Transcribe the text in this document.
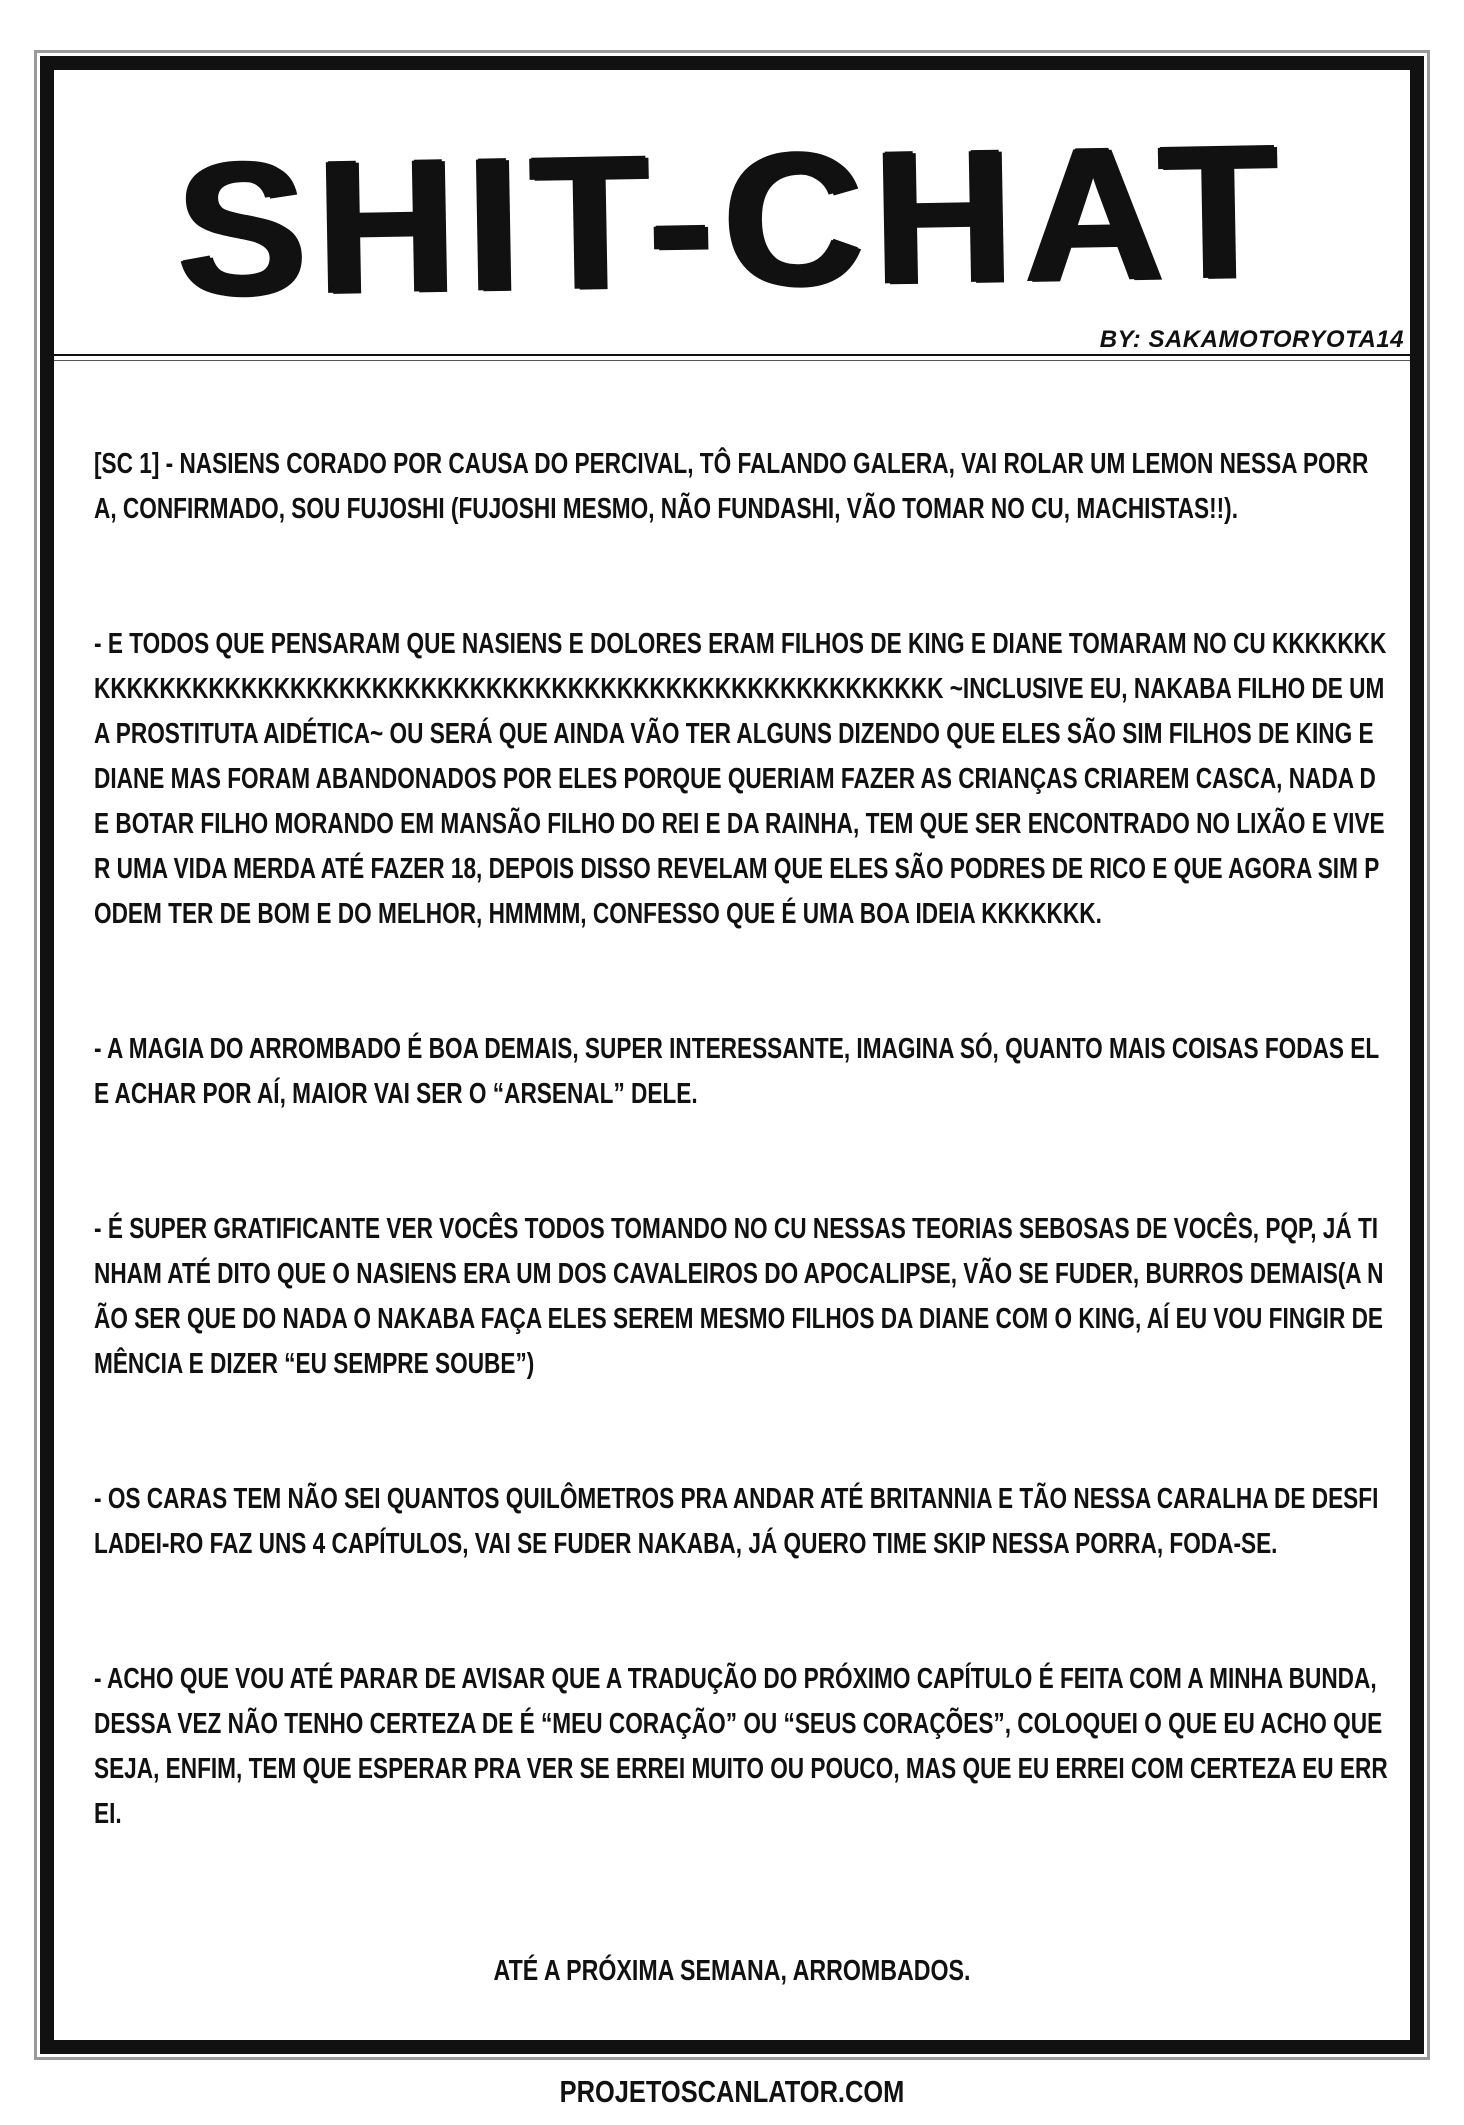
SHIT-CHAT
BY: SAKAMOTORYOTA14

[SC 1] - NASIENS CORADO POR CAUSA DO PERCIVAL, TÔ FALANDO GALERA, VAI ROLAR UM LEMON NESSA PORRA, CONFIRMADO, SOU FUJOSHI (FUJOSHI MESMO, NÃO FUNDASHI, VÃO TOMAR NO CU, MACHISTAS!!).

- E TODOS QUE PENSARAM QUE NASIENS E DOLORES ERAM FILHOS DE KING E DIANE TOMARAM NO CU KKKKKKKKKKKKKKKKKKKKKKKKKKKKKKKKKKKKKKKKKKKKKKKKKKKKKKKKKKK ~INCLUSIVE EU, NAKABA FILHO DE UMA PROSTITUTA AIDÉTICA~ OU SERÁ QUE AINDA VÃO TER ALGUNS DIZENDO QUE ELES SÃO SIM FILHOS DE KING E DIANE MAS FORAM ABANDONADOS POR ELES PORQUE QUERIAM FAZER AS CRIANÇAS CRIAREM CASCA, NADA DE BOTAR FILHO MORANDO EM MANSÃO FILHO DO REI E DA RAINHA, TEM QUE SER ENCONTRADO NO LIXÃO E VIVER UMA VIDA MERDA ATÉ FAZER 18, DEPOIS DISSO REVELAM QUE ELES SÃO PODRES DE RICO E QUE AGORA SIM PODEM TER DE BOM E DO MELHOR, HMMMM, CONFESSO QUE É UMA BOA IDEIA KKKKKKK.

- A MAGIA DO ARROMBADO É BOA DEMAIS, SUPER INTERESSANTE, IMAGINA SÓ, QUANTO MAIS COISAS FODAS ELE ACHAR POR AÍ, MAIOR VAI SER O “ARSENAL” DELE.

- É SUPER GRATIFICANTE VER VOCÊS TODOS TOMANDO NO CU NESSAS TEORIAS SEBOSAS DE VOCÊS, PQP, JÁ TINHAM ATÉ DITO QUE O NASIENS ERA UM DOS CAVALEIROS DO APOCALIPSE, VÃO SE FUDER, BURROS DEMAIS(A NÃO SER QUE DO NADA O NAKABA FAÇA ELES SEREM MESMO FILHOS DA DIANE COM O KING, AÍ EU VOU FINGIR DEMÊNCIA E DIZER “EU SEMPRE SOUBE”)

- OS CARAS TEM NÃO SEI QUANTOS QUILÔMETROS PRA ANDAR ATÉ BRITANNIA E TÃO NESSA CARALHA DE DESFILADEI-RO FAZ UNS 4 CAPÍTULOS, VAI SE FUDER NAKABA, JÁ QUERO TIME SKIP NESSA PORRA, FODA-SE.

- ACHO QUE VOU ATÉ PARAR DE AVISAR QUE A TRADUÇÃO DO PRÓXIMO CAPÍTULO É FEITA COM A MINHA BUNDA, DESSA VEZ NÃO TENHO CERTEZA DE É “MEU CORAÇÃO” OU “SEUS CORAÇÕES”, COLOQUEI O QUE EU ACHO QUE SEJA, ENFIM, TEM QUE ESPERAR PRA VER SE ERREI MUITO OU POUCO, MAS QUE EU ERREI COM CERTEZA EU ERREI.

ATÉ A PRÓXIMA SEMANA, ARROMBADOS.
PROJETOSCANLATOR.COM
